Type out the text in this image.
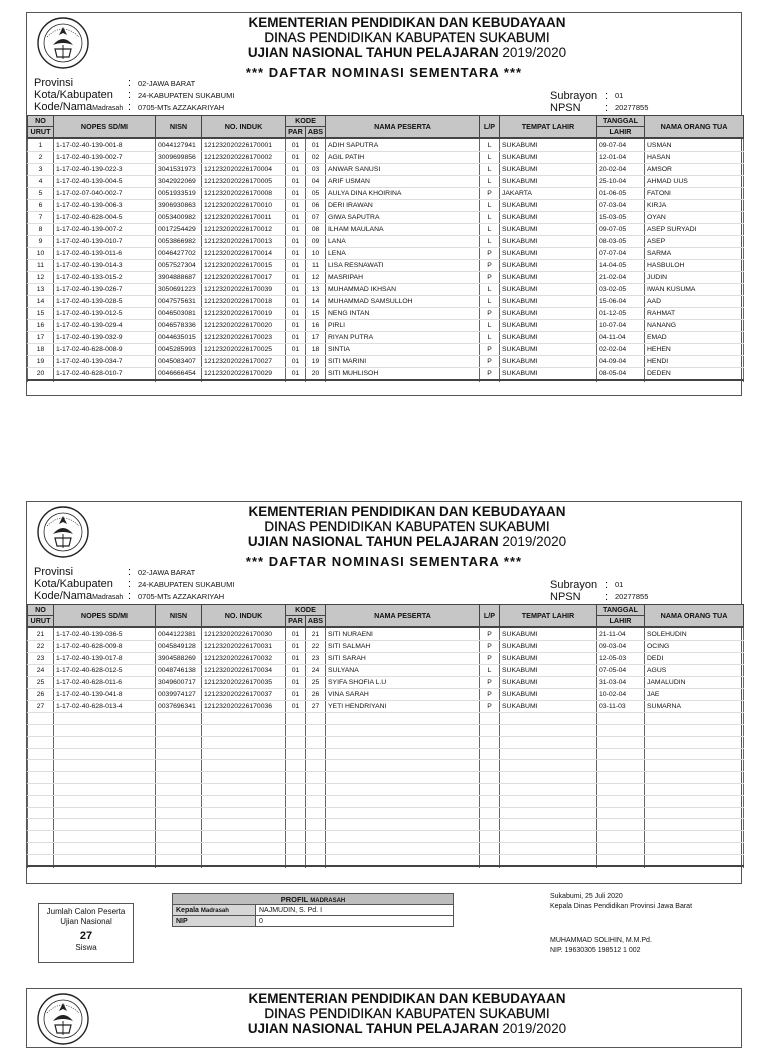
KEMENTERIAN PENDIDIKAN DAN KEBUDAYAAN
DINAS PENDIDIKAN KABUPATEN SUKABUMI
UJIAN NASIONAL TAHUN PELAJARAN 2019/2020
*** DAFTAR NOMINASI SEMENTARA ***
Provinsi	: 02-JAWA BARAT
Kota/Kabupaten	: 24-KABUPATEN SUKABUMI
Kode/NamaMadrasah : 0705-MTs AZZAKARIYAH
Subrayon : 01
NPSN	: 20277855
NO	NOPES SD/MI	NISN	NO. INDUK	KODE		NAMA PESERTA	L/P	TEMPAT LAHIR	TANGGAL	NAMA ORANG TUA
URUT				PAR	ABS				LAHIR	

1	1-17-02-40-139-001-8	0044127941	121232020226170001	01	01	ADIH SAPUTRA	L	SUKABUMI	09-07-04	USMAN
2	1-17-02-40-139-002-7	3009699856	121232020226170002	01	02	AGIL PATIH	L	SUKABUMI	12-01-04	HASAN
3	1-17-02-40-139-022-3	3041531973	121232020226170004	01	03	ANWAR SANUSI	L	SUKABUMI	20-02-04	AMSOR
4	1-17-02-40-139-004-5	3042922069	121232020226170005	01	04	ARIF USMAN	L	SUKABUMI	25-10-04	AHMAD UUS
5	1-17-02-07-040-002-7	0051933519	121232020226170008	01	05	AULYA DINA KHOIRINA	P	JAKARTA	01-06-05	FATONI
6	1-17-02-40-139-006-3	3906930863	121232020226170010	01	06	DERI IRAWAN	L	SUKABUMI	07-03-04	KIRJA
7	1-17-02-40-628-004-5	0053400982	121232020226170011	01	07	GIWA SAPUTRA	L	SUKABUMI	15-03-05	OYAN
8	1-17-02-40-139-007-2	0017254429	121232020226170012	01	08	ILHAM MAULANA	L	SUKABUMI	09-07-05	ASEP SURYADI
9	1-17-02-40-139-010-7	0053866982	121232020226170013	01	09	LANA	L	SUKABUMI	08-03-05	ASEP
10	1-17-02-40-139-011-6	0046427702	121232020226170014	01	10	LENA	P	SUKABUMI	07-07-04	SARMA
11	1-17-02-40-139-014-3	0057527304	121232020226170015	01	11	LISA RESNAWATI	P	SUKABUMI	14-04-05	HASBULOH
12	1-17-02-40-133-015-2	3904888687	121232020226170017	01	12	MASRIPAH	P	SUKABUMI	21-02-04	JUDIN
13	1-17-02-40-139-026-7	3050691223	121232020226170039	01	13	MUHAMMAD IKHSAN	L	SUKABUMI	03-02-05	IWAN KUSUMA
14	1-17-02-40-139-028-5	0047575631	121232020226170018	01	14	MUHAMMAD SAMSULLOH	L	SUKABUMI	15-06-04	AAD
15	1-17-02-40-139-012-5	0046503081	121232020226170019	01	15	NENG INTAN	P	SUKABUMI	01-12-05	RAHMAT
16	1-17-02-40-139-029-4	0046578336	121232020226170020	01	16	PIRLI	L	SUKABUMI	10-07-04	NANANG
17	1-17-02-40-139-032-9	0044635015	121232020226170023	01	17	RIYAN PUTRA	L	SUKABUMI	04-11-04	EMAD
18	1-17-02-40-628-008-9	0045285993	121232020226170025	01	18	SINTIA	P	SUKABUMI	02-02-04	HEHEN
19	1-17-02-40-139-034-7	0045083407	121232020226170027	01	19	SITI MARINI	P	SUKABUMI	04-09-04	HENDI
20	1-17-02-40-628-010-7	0046666454	121232020226170029	01	20	SITI MUHLISOH	P	SUKABUMI	08-05-04	DEDEN

KEMENTERIAN PENDIDIKAN DAN KEBUDAYAAN
DINAS PENDIDIKAN KABUPATEN SUKABUMI
UJIAN NASIONAL TAHUN PELAJARAN 2019/2020
*** DAFTAR NOMINASI SEMENTARA ***
Provinsi	: 02-JAWA BARAT
Kota/Kabupaten	: 24-KABUPATEN SUKABUMI
Kode/NamaMadrasah : 0705-MTs AZZAKARIYAH
Subrayon : 01
NPSN	: 20277855
NO	NOPES SD/MI	NISN	NO. INDUK	KODE		NAMA PESERTA	L/P	TEMPAT LAHIR	TANGGAL	NAMA ORANG TUA
URUT				PAR	ABS				LAHIR	

21	1-17-02-40-139-036-5	0044122381	121232020226170030	01	21	SITI NURAENI	P	SUKABUMI	21-11-04	SOLEHUDIN
22	1-17-02-40-628-009-8	0045849128	121232020226170031	01	22	SITI SALMAH	P	SUKABUMI	09-03-04	OCING
23	1-17-02-40-139-017-8	3904588269	121232020226170032	01	23	SITI SARAH	P	SUKABUMI	12-05-03	DEDI
24	1-17-02-40-628-012-5	0048746138	121232020226170034	01	24	SULYANA	L	SUKABUMI	07-05-04	AGUS
25	1-17-02-40-628-011-6	3049600717	121232020226170035	01	25	SYIFA SHOFIA L.U	P	SUKABUMI	31-03-04	JAMALUDIN
26	1-17-02-40-139-041-8	0039974127	121232020226170037	01	26	VINA SARAH	P	SUKABUMI	10-02-04	JAE
27	1-17-02-40-628-013-4	0037696341	121232020226170036	01	27	YETI HENDRIYANI	P	SUKABUMI	03-11-03	SUMARNA

Jumlah Calon Peserta
Ujian Nasional
27
Siswa
PROFIL MADRASAH	
Kepala Madrasah	NAJMUDIN, S. Pd. I
NIP	0
Sukabumi, 25 Juli 2020
Kepala Dinas Pendidikan Provinsi Jawa Barat
MUHAMMAD SOLIHIN, M.M.Pd.
NIP. 19630305 198512 1 002
KEMENTERIAN PENDIDIKAN DAN KEBUDAYAAN
DINAS PENDIDIKAN KABUPATEN SUKABUMI
UJIAN NASIONAL TAHUN PELAJARAN 2019/2020
